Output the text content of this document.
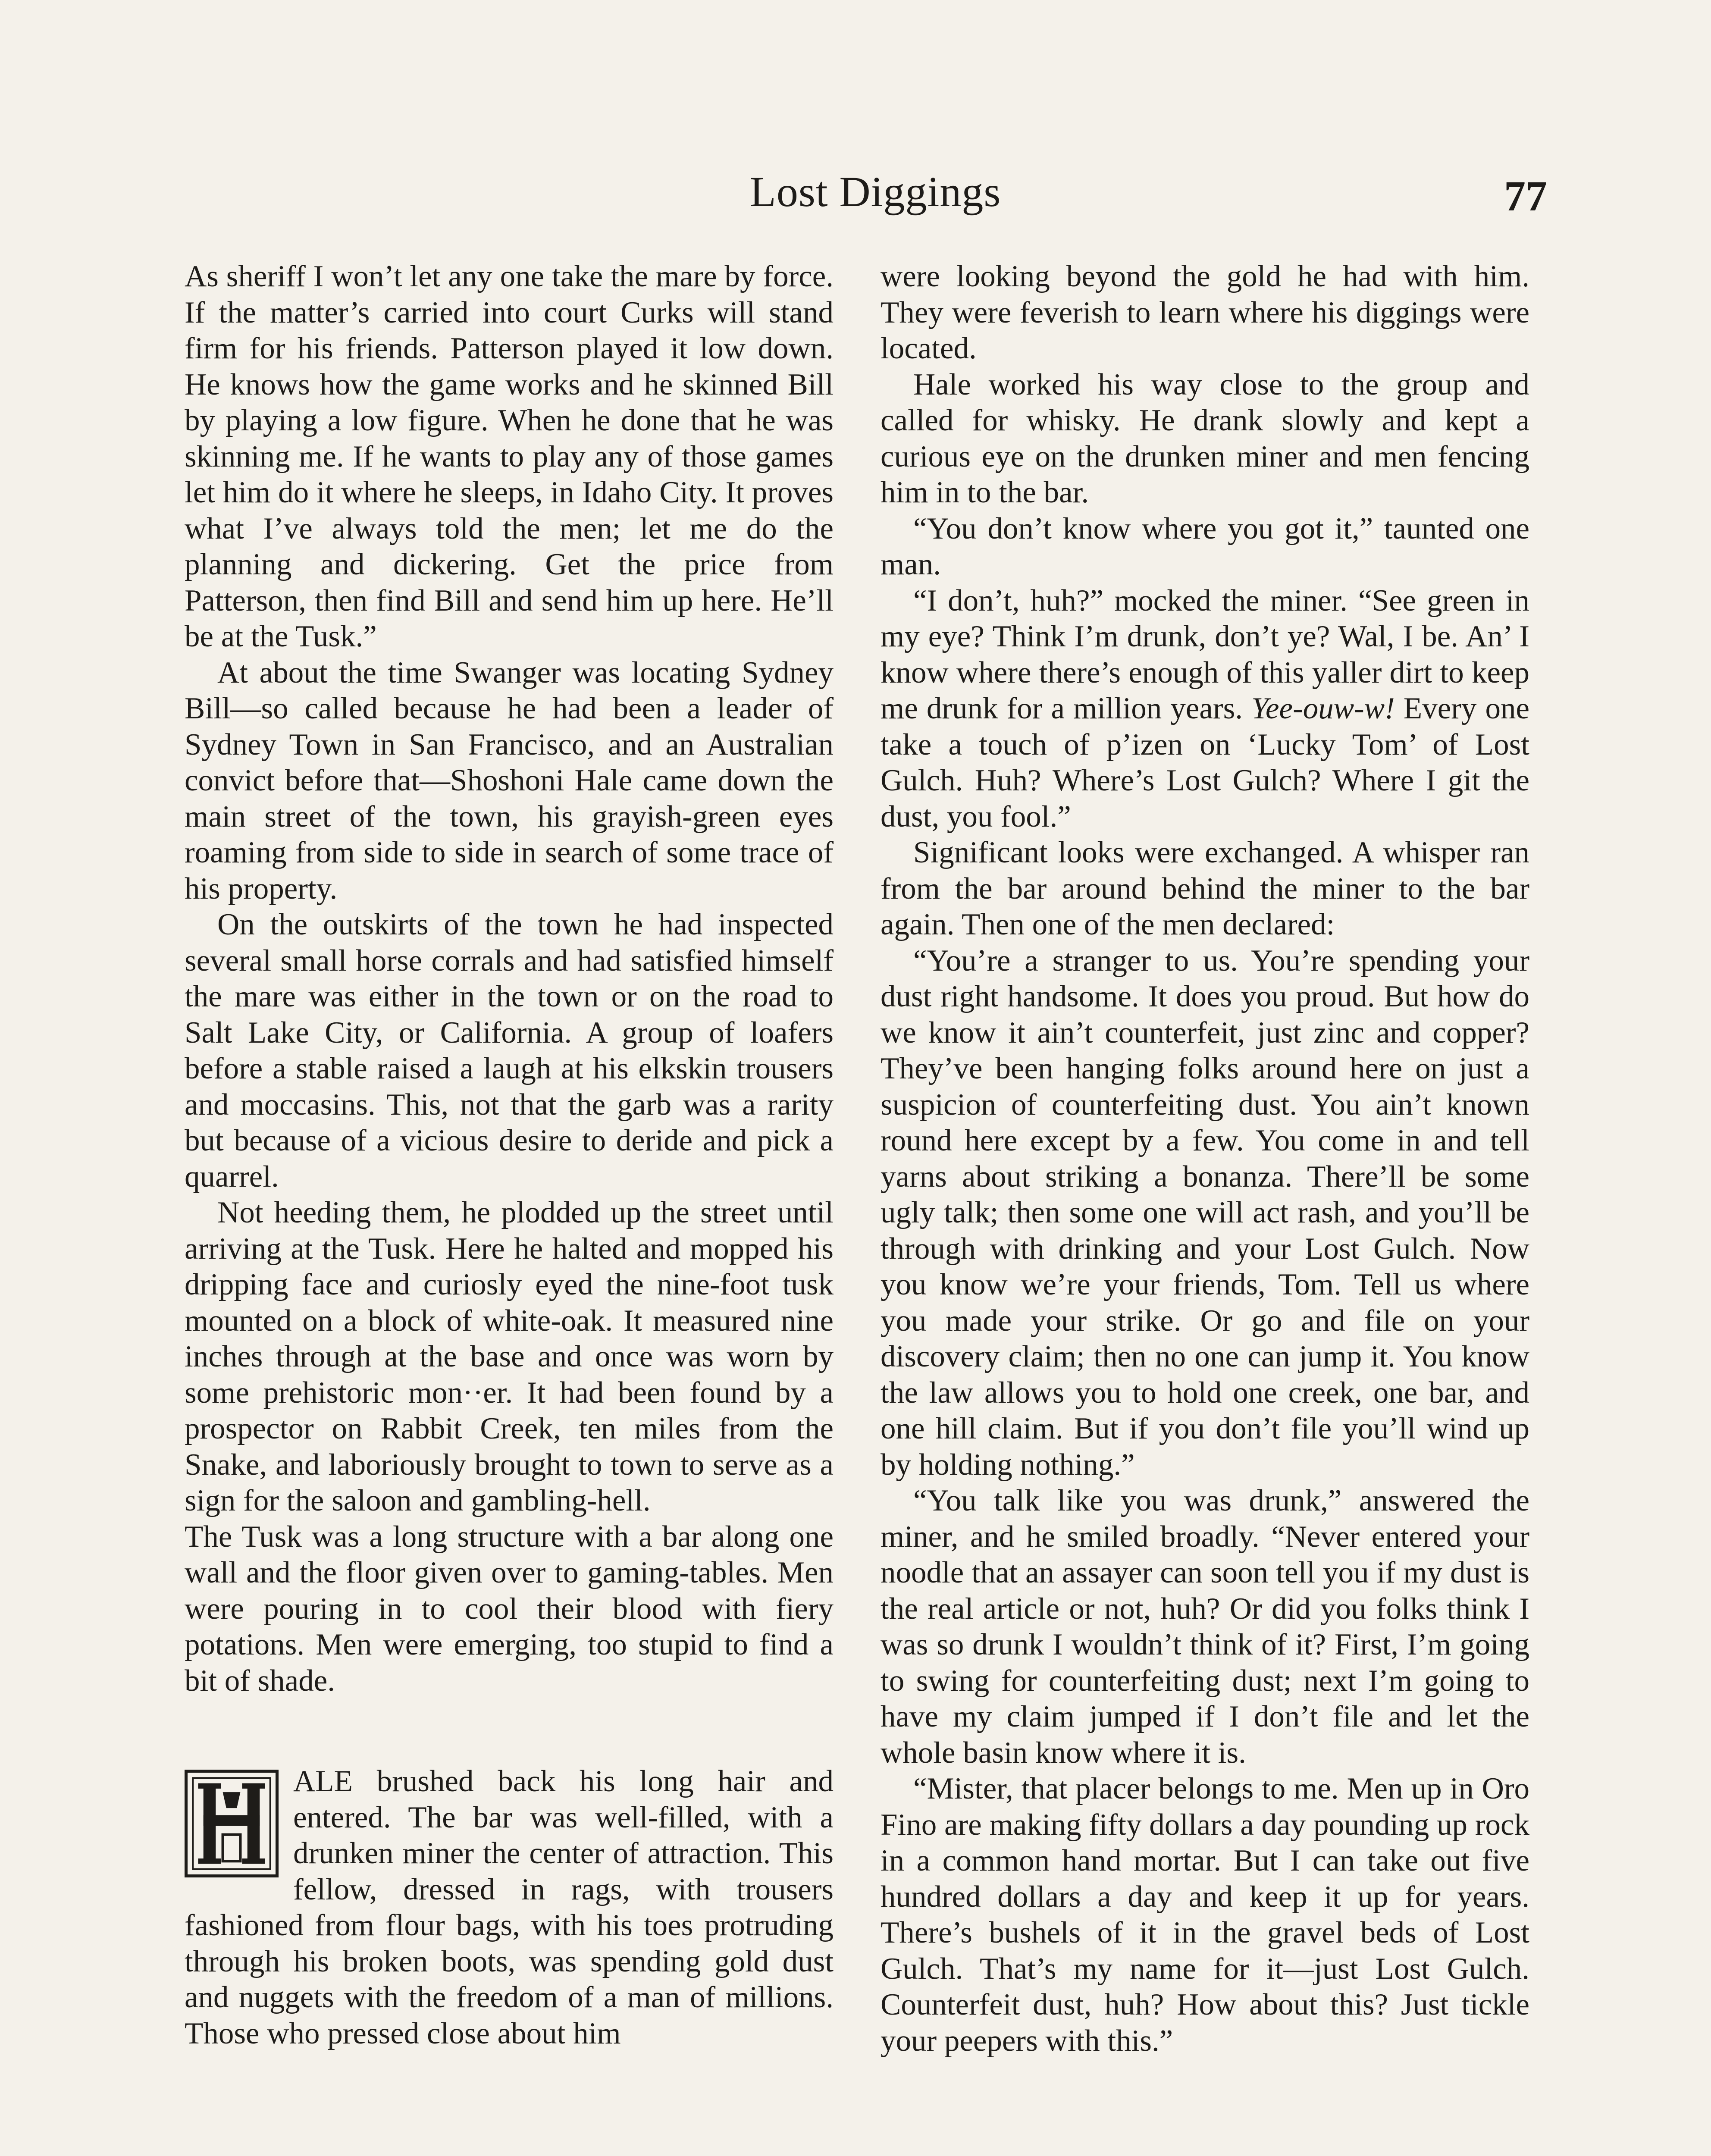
Lost Diggings	77

As sheriff I won’t let any one take the mare by force. If the matter’s carried into court Curks will stand firm for his friends. Patterson played it low down. He knows how the game works and he skinned Bill by playing a low figure. When he done that he was skinning me. If he wants to play any of those games let him do it where he sleeps, in Idaho City. It proves what I’ve always told the men; let me do the planning and dickering. Get the price from Patterson, then find Bill and send him up here. He’ll be at the Tusk.”

At about the time Swanger was locating Sydney Bill—so called because he had been a leader of Sydney Town in San Francisco, and an Australian convict before that—Shoshoni Hale came down the main street of the town, his grayish-green eyes roaming from side to side in search of some trace of his property.

On the outskirts of the town he had inspected several small horse corrals and had satisfied himself the mare was either in the town or on the road to Salt Lake City, or California. A group of loafers before a stable raised a laugh at his elkskin trousers and moccasins. This, not that the garb was a rarity but because of a vicious desire to deride and pick a quarrel.

Not heeding them, he plodded up the street until arriving at the Tusk. Here he halted and mopped his dripping face and curiosly eyed the nine-foot tusk mounted on a block of white-oak. It measured nine inches through at the base and once was worn by some prehistoric mon··er. It had been found by a prospector on Rabbit Creek, ten miles from the Snake, and laboriously brought to town to serve as a sign for the saloon and gambling-hell.

The Tusk was a long structure with a bar along one wall and the floor given over to gaming-tables. Men were pouring in to cool their blood with fiery potations. Men were emerging, too stupid to find a bit of shade.

ALE brushed back his long hair and entered. The bar was well-filled, with a drunken miner the center of attraction. This fellow, dressed in rags, with trousers fashioned from flour bags, with his toes protruding through his broken boots, was spending gold dust and nuggets with the freedom of a man of millions. Those who pressed close about him

were looking beyond the gold he had with him. They were feverish to learn where his diggings were located.

Hale worked his way close to the group and called for whisky. He drank slowly and kept a curious eye on the drunken miner and men fencing him in to the bar.

“You don’t know where you got it,” taunted one man.

“I don’t, huh?” mocked the miner. “See green in my eye? Think I’m drunk, don’t ye? Wal, I be. An’ I know where there’s enough of this yaller dirt to keep me drunk for a million years. Yee-ouw-w! Every one take a touch of p’izen on ‘Lucky Tom’ of Lost Gulch. Huh? Where’s Lost Gulch? Where I git the dust, you fool.”

Significant looks were exchanged. A whisper ran from the bar around behind the miner to the bar again. Then one of the men declared:

“You’re a stranger to us. You’re spending your dust right handsome. It does you proud. But how do we know it ain’t counterfeit, just zinc and copper? They’ve been hanging folks around here on just a suspicion of counterfeiting dust. You ain’t known round here except by a few. You come in and tell yarns about striking a bonanza. There’ll be some ugly talk; then some one will act rash, and you’ll be through with drinking and your Lost Gulch. Now you know we’re your friends, Tom. Tell us where you made your strike. Or go and file on your discovery claim; then no one can jump it. You know the law allows you to hold one creek, one bar, and one hill claim. But if you don’t file you’ll wind up by holding nothing.”

“You talk like you was drunk,” answered the miner, and he smiled broadly. “Never entered your noodle that an assayer can soon tell you if my dust is the real article or not, huh? Or did you folks think I was so drunk I wouldn’t think of it? First, I’m going to swing for counterfeiting dust; next I’m going to have my claim jumped if I don’t file and let the whole basin know where it is.

“Mister, that placer belongs to me. Men up in Oro Fino are making fifty dollars a day pounding up rock in a common hand mortar. But I can take out five hundred dollars a day and keep it up for years. There’s bushels of it in the gravel beds of Lost Gulch. That’s my name for it—just Lost Gulch. Counterfeit dust, huh? How about this? Just tickle your peepers with this.”
